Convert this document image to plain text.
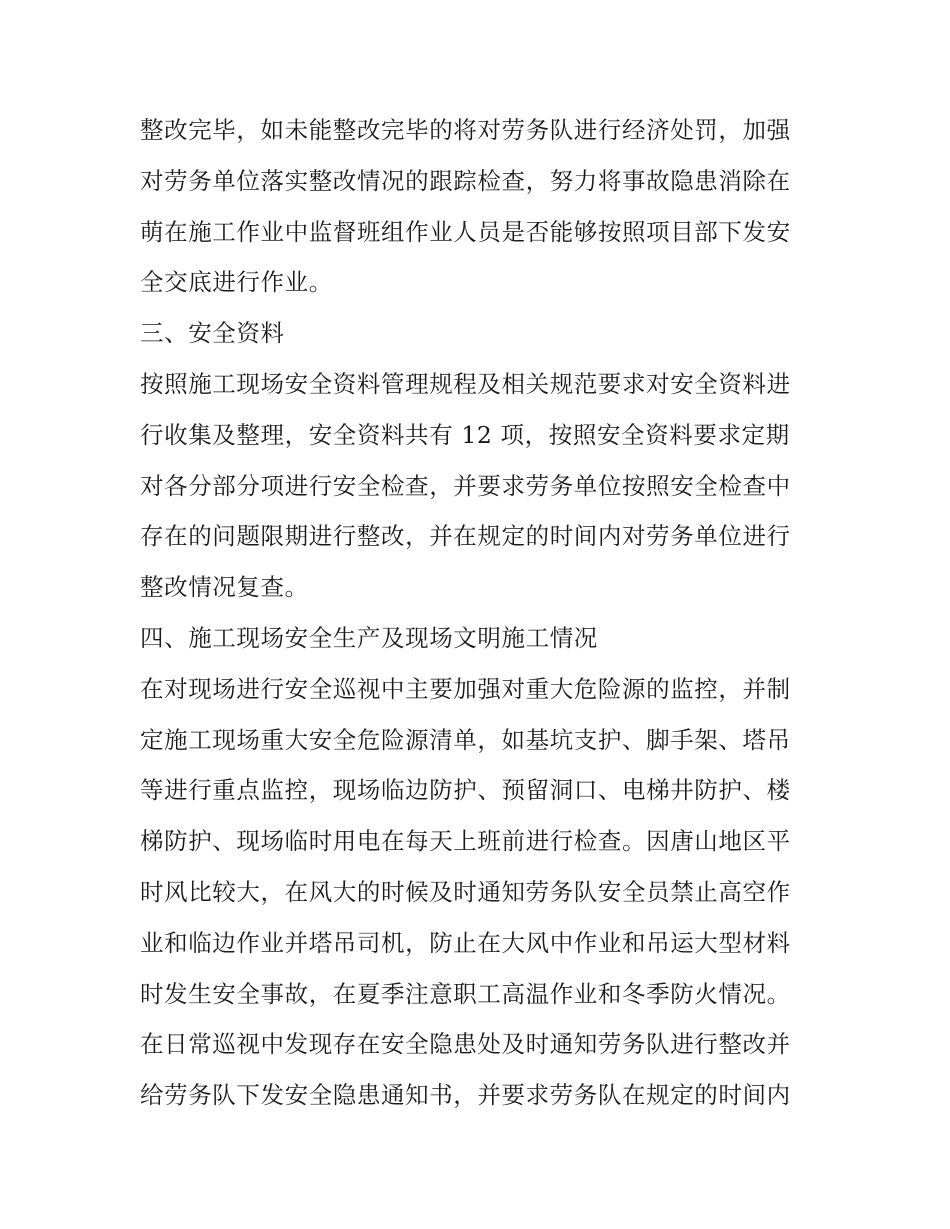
整改完毕，如未能整改完毕的将对劳务队进行经济处罚，加强
对劳务单位落实整改情况的跟踪检查，努力将事故隐患消除在
萌在施工作业中监督班组作业人员是否能够按照项目部下发安
全交底进行作业。
三、安全资料
按照施工现场安全资料管理规程及相关规范要求对安全资料进
行收集及整理，安全资料共有 12 项，按照安全资料要求定期
对各分部分项进行安全检查，并要求劳务单位按照安全检查中
存在的问题限期进行整改，并在规定的时间内对劳务单位进行
整改情况复查。
四、施工现场安全生产及现场文明施工情况
在对现场进行安全巡视中主要加强对重大危险源的监控，并制
定施工现场重大安全危险源清单，如基坑支护、脚手架、塔吊
等进行重点监控，现场临边防护、预留洞口、电梯井防护、楼
梯防护、现场临时用电在每天上班前进行检查。因唐山地区平
时风比较大，在风大的时候及时通知劳务队安全员禁止高空作
业和临边作业并塔吊司机，防止在大风中作业和吊运大型材料
时发生安全事故，在夏季注意职工高温作业和冬季防火情况。
在日常巡视中发现存在安全隐患处及时通知劳务队进行整改并
给劳务队下发安全隐患通知书，并要求劳务队在规定的时间内
